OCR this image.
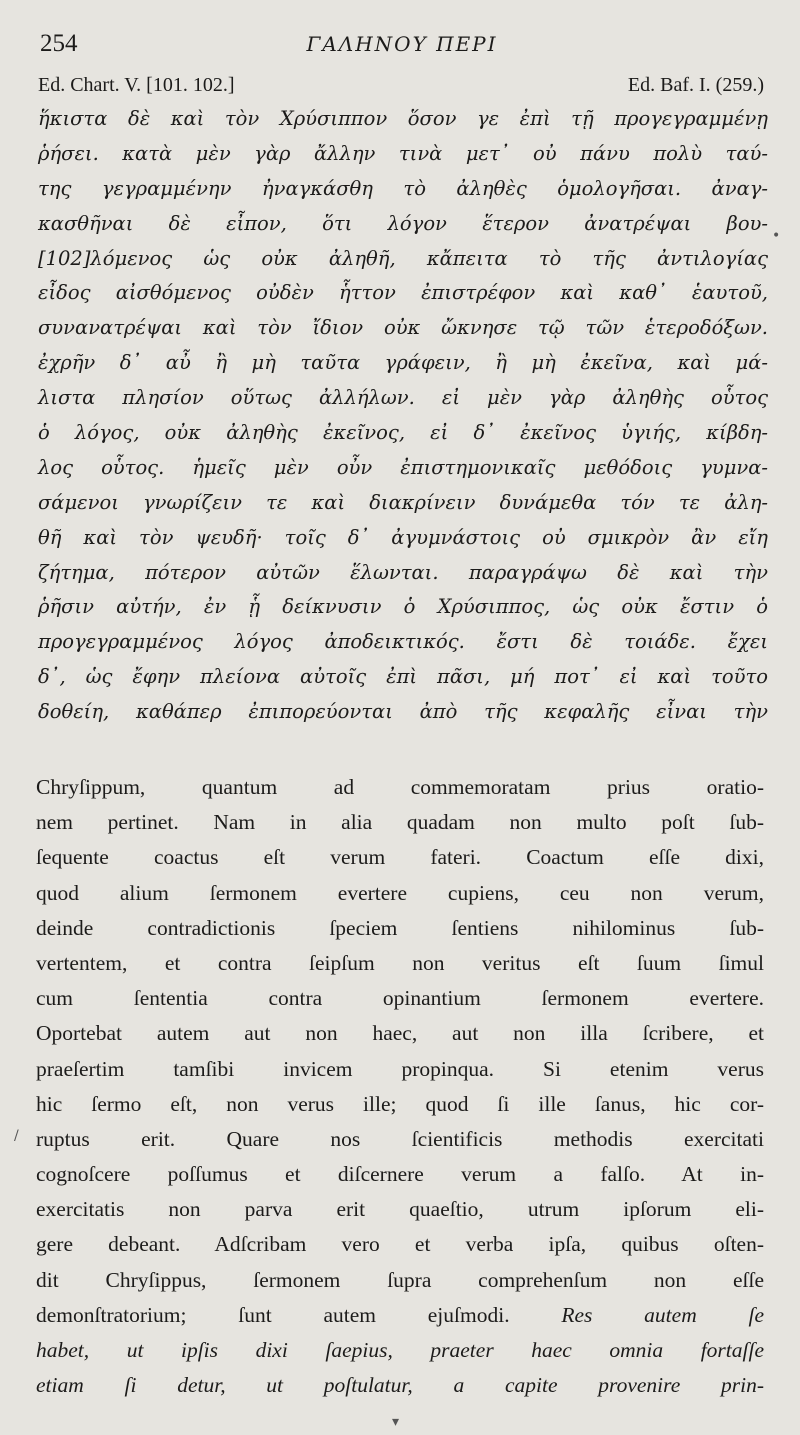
254	ΓΑΛΗΝΟΥ ΠΕΡΙ
Ed. Chart. V. [101. 102.]	Ed. Baf. I. (259.)
ἥκιστα δὲ καὶ τὸν Χρύσιππον ὅσον γε ἐπὶ τῇ προγεγραμμένῃ
ῥήσει. κατὰ μὲν γὰρ ἄλλην τινὰ μετ᾽ οὐ πάνυ πολὺ ταύ-
της γεγραμμένην ἠναγκάσθη τὸ ἀληθὲς ὁμολογῆσαι. ἀναγ-
κασθῆναι δὲ εἶπον, ὅτι λόγον ἕτερον ἀνατρέψαι βου-
[102]λόμενος ὡς οὐκ ἀληθῆ, κἄπειτα τὸ τῆς ἀντιλογίας
εἶδος αἰσθόμενος οὐδὲν ἧττον ἐπιστρέφον καὶ καθ᾽ ἑαυτοῦ,
συνανατρέψαι καὶ τὸν ἴδιον οὐκ ὤκνησε τῷ τῶν ἑτεροδόξων.
ἐχρῆν δ᾽ αὖ ἢ μὴ ταῦτα γράφειν, ἢ μὴ ἐκεῖνα, καὶ μά-
λιστα πλησίον οὕτως ἀλλήλων. εἰ μὲν γὰρ ἀληθὴς οὗτος
ὁ λόγος, οὐκ ἀληθὴς ἐκεῖνος, εἰ δ᾽ ἐκεῖνος ὑγιής, κίβδη-
λος οὗτος. ἡμεῖς μὲν οὖν ἐπιστημονικαῖς μεθόδοις γυμνα-
σάμενοι γνωρίζειν τε καὶ διακρίνειν δυνάμεθα τόν τε ἀλη-
θῆ καὶ τὸν ψευδῆ· τοῖς δ᾽ ἀγυμνάστοις οὐ σμικρὸν ἂν εἴη
ζήτημα, πότερον αὐτῶν ἕλωνται. παραγράψω δὲ καὶ τὴν
ῥῆσιν αὐτήν, ἐν ᾗ δείκνυσιν ὁ Χρύσιππος, ὡς οὐκ ἔστιν ὁ
προγεγραμμένος λόγος ἀποδεικτικός. ἔστι δὲ τοιάδε. ἔχει
δ᾽, ὡς ἔφην πλείονα αὐτοῖς ἐπὶ πᾶσι, μή ποτ᾽ εἰ καὶ τοῦτο
δοθείη, καθάπερ ἐπιπορεύονται ἀπὸ τῆς κεφαλῆς εἶναι τὴν
Chryſippum, quantum ad commemoratam prius oratio-
nem pertinet. Nam in alia quadam non multo poſt ſub-
ſequente coactus eſt verum fateri. Coactum eſſe dixi,
quod alium ſermonem evertere cupiens, ceu non verum,
deinde contradictionis ſpeciem ſentiens nihilominus ſub-
vertentem, et contra ſeipſum non veritus eſt ſuum ſimul
cum ſententia contra opinantium ſermonem evertere.
Oportebat autem aut non haec, aut non illa ſcribere, et
praeſertim tamſibi invicem propinqua. Si etenim verus
hic ſermo eſt, non verus ille; quod ſi ille ſanus, hic cor-
ruptus erit. Quare nos ſcientificis methodis exercitati
cognoſcere poſſumus et diſcernere verum a falſo. At in-
exercitatis non parva erit quaeſtio, utrum ipſorum eli-
gere debeant. Adſcribam vero et verba ipſa, quibus oſten-
dit Chryſippus, ſermonem ſupra comprehenſum non eſſe
demonſtratorium; ſunt autem ejuſmodi. Res autem ſe
habet, ut ipſis dixi ſaepius, praeter haec omnia fortaſſe
etiam ſi detur, ut poſtulatur, a capite provenire prin-
•
/
▾
